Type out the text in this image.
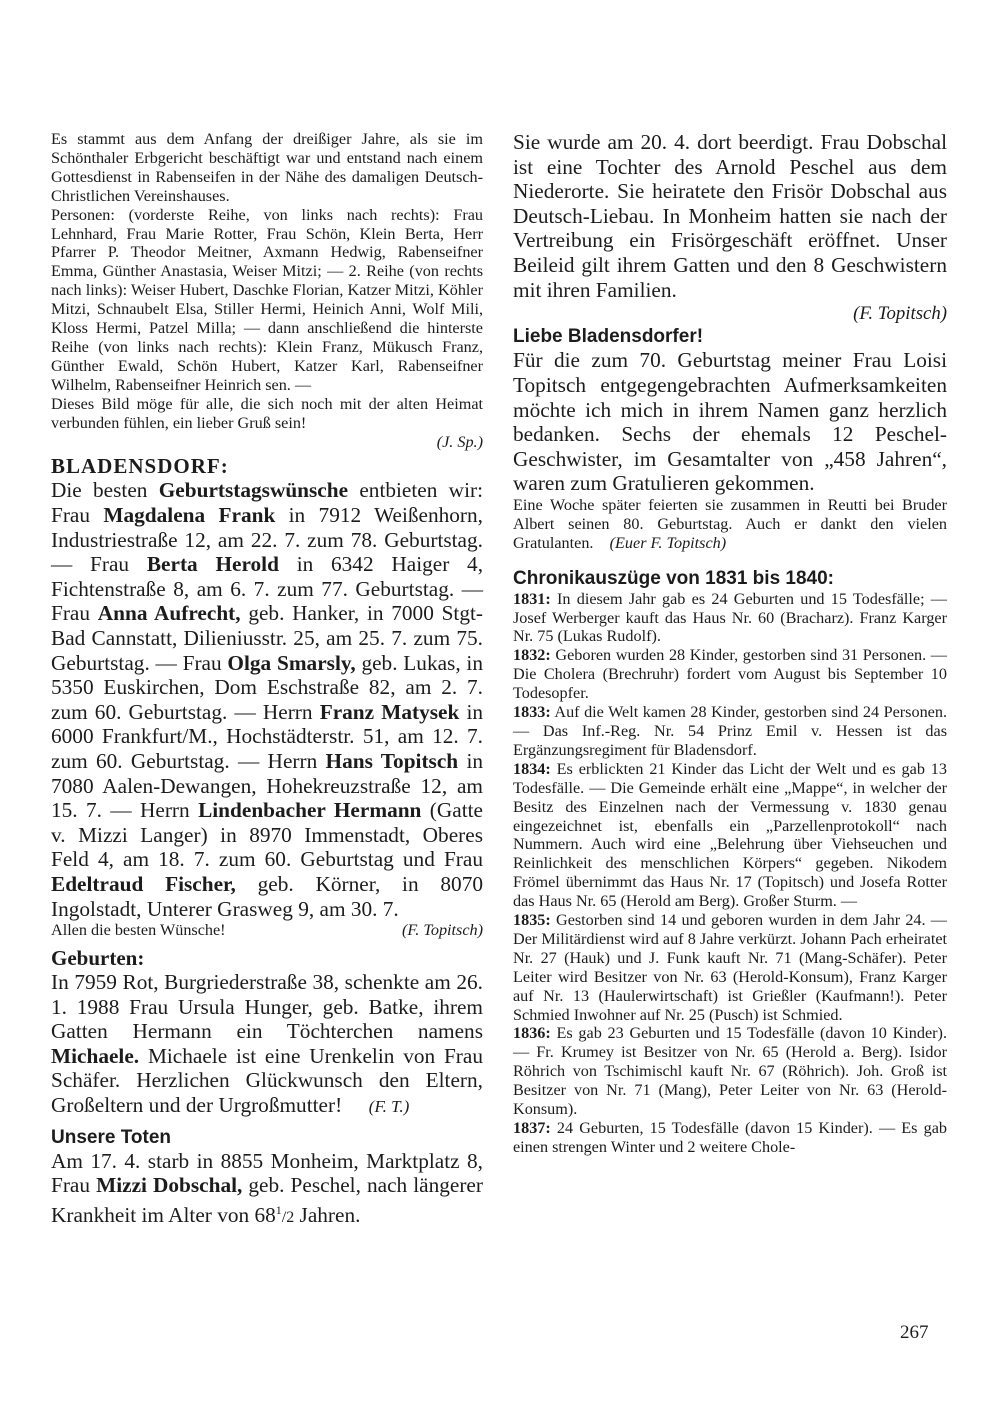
Es stammt aus dem Anfang der dreißiger Jahre, als sie im Schönthaler Erbgericht beschäftigt war und entstand nach einem Gottesdienst in Rabenseifen in der Nähe des damaligen Deutsch-Christlichen Vereinshauses.

Personen: (vorderste Reihe, von links nach rechts): Frau Lehnhard, Frau Marie Rotter, Frau Schön, Klein Berta, Herr Pfarrer P. Theodor Meitner, Axmann Hedwig, Rabenseifner Emma, Günther Anastasia, Weiser Mitzi; — 2. Reihe (von rechts nach links): Weiser Hubert, Daschke Florian, Katzer Mitzi, Köhler Mitzi, Schnaubelt Elsa, Stiller Hermi, Heinich Anni, Wolf Mili, Kloss Hermi, Patzel Milla; — dann anschließend die hinterste Reihe (von links nach rechts): Klein Franz, Mükusch Franz, Günther Ewald, Schön Hubert, Katzer Karl, Rabenseifner Wilhelm, Rabenseifner Heinrich sen. —

Dieses Bild möge für alle, die sich noch mit der alten Heimat verbunden fühlen, ein lieber Gruß sein!

(J. Sp.)

BLADENSDORF:

Die besten Geburtstagswünsche entbieten wir: Frau Magdalena Frank in 7912 Weißenhorn, Industriestraße 12, am 22. 7. zum 78. Geburtstag. — Frau Berta Herold in 6342 Haiger 4, Fichtenstraße 8, am 6. 7. zum 77. Geburtstag. — Frau Anna Aufrecht, geb. Hanker, in 7000 Stgt-Bad Cannstatt, Dilieniusstr. 25, am 25. 7. zum 75. Geburtstag. — Frau Olga Smarsly, geb. Lukas, in 5350 Euskirchen, Dom Eschstraße 82, am 2. 7. zum 60. Geburtstag. — Herrn Franz Matysek in 6000 Frankfurt/M., Hochstädterstr. 51, am 12. 7. zum 60. Geburtstag. — Herrn Hans Topitsch in 7080 Aalen-Dewangen, Hohekreuzstraße 12, am 15. 7. — Herrn Lindenbacher Hermann (Gatte v. Mizzi Langer) in 8970 Immenstadt, Oberes Feld 4, am 18. 7. zum 60. Geburtstag und Frau Edeltraud Fischer, geb. Körner, in 8070 Ingolstadt, Unterer Grasweg 9, am 30. 7.

Allen die besten Wünsche!	(F. Topitsch)
Geburten:

In 7959 Rot, Burgriederstraße 38, schenkte am 26. 1. 1988 Frau Ursula Hunger, geb. Batke, ihrem Gatten Hermann ein Töchterchen namens Michaele. Michaele ist eine Urenkelin von Frau Schäfer. Herzlichen Glückwunsch den Eltern, Großeltern und der Urgroßmutter! (F. T.)

Unsere Toten

Am 17. 4. starb in 8855 Monheim, Marktplatz 8, Frau Mizzi Dobschal, geb. Peschel, nach längerer Krankheit im Alter von $68^1/2$ Jahren.

Sie wurde am 20. 4. dort beerdigt. Frau Dobschal ist eine Tochter des Arnold Peschel aus dem Niederorte. Sie heiratete den Frisör Dobschal aus Deutsch-Liebau. In Monheim hatten sie nach der Vertreibung ein Frisörgeschäft eröffnet. Unser Beileid gilt ihrem Gatten und den 8 Geschwistern mit ihren Familien.

(F. Topitsch)

Liebe Bladensdorfer!

Für die zum 70. Geburtstag meiner Frau Loisi Topitsch entgegengebrachten Aufmerksamkeiten möchte ich mich in ihrem Namen ganz herzlich bedanken. Sechs der ehemals 12 Peschel-Geschwister, im Gesamtalter von „458 Jahren“, waren zum Gratulieren gekommen.

Eine Woche später feierten sie zusammen in Reutti bei Bruder Albert seinen 80. Geburtstag. Auch er dankt den vielen Gratulanten. (Euer F. Topitsch)

Chronikauszüge von 1831 bis 1840:

1831: In diesem Jahr gab es 24 Geburten und 15 Todesfälle; — Josef Werberger kauft das Haus Nr. 60 (Bracharz). Franz Karger Nr. 75 (Lukas Rudolf).

1832: Geboren wurden 28 Kinder, gestorben sind 31 Personen. — Die Cholera (Brechruhr) fordert vom August bis September 10 Todesopfer.

1833: Auf die Welt kamen 28 Kinder, gestorben sind 24 Personen. — Das Inf.-Reg. Nr. 54 Prinz Emil v. Hessen ist das Ergänzungsregiment für Bladensdorf.

1834: Es erblickten 21 Kinder das Licht der Welt und es gab 13 Todesfälle. — Die Gemeinde erhält eine „Mappe“, in welcher der Besitz des Einzelnen nach der Vermessung v. 1830 genau eingezeichnet ist, ebenfalls ein „Parzellenprotokoll“ nach Nummern. Auch wird eine „Belehrung über Viehseuchen und Reinlichkeit des menschlichen Körpers“ gegeben. Nikodem Frömel übernimmt das Haus Nr. 17 (Topitsch) und Josefa Rotter das Haus Nr. 65 (Herold am Berg). Großer Sturm. —

1835: Gestorben sind 14 und geboren wurden in dem Jahr 24. — Der Militärdienst wird auf 8 Jahre verkürzt. Johann Pach erheiratet Nr. 27 (Hauk) und J. Funk kauft Nr. 71 (Mang-Schäfer). Peter Leiter wird Besitzer von Nr. 63 (Herold-Konsum), Franz Karger auf Nr. 13 (Haulerwirtschaft) ist Grießler (Kaufmann!). Peter Schmied Inwohner auf Nr. 25 (Pusch) ist Schmied.

1836: Es gab 23 Geburten und 15 Todesfälle (davon 10 Kinder). — Fr. Krumey ist Besitzer von Nr. 65 (Herold a. Berg). Isidor Röhrich von Tschimischl kauft Nr. 67 (Röhrich). Joh. Groß ist Besitzer von Nr. 71 (Mang), Peter Leiter von Nr. 63 (Herold-Konsum).

1837: 24 Geburten, 15 Todesfälle (davon 15 Kinder). — Es gab einen strengen Winter und 2 weitere Chole-

267
